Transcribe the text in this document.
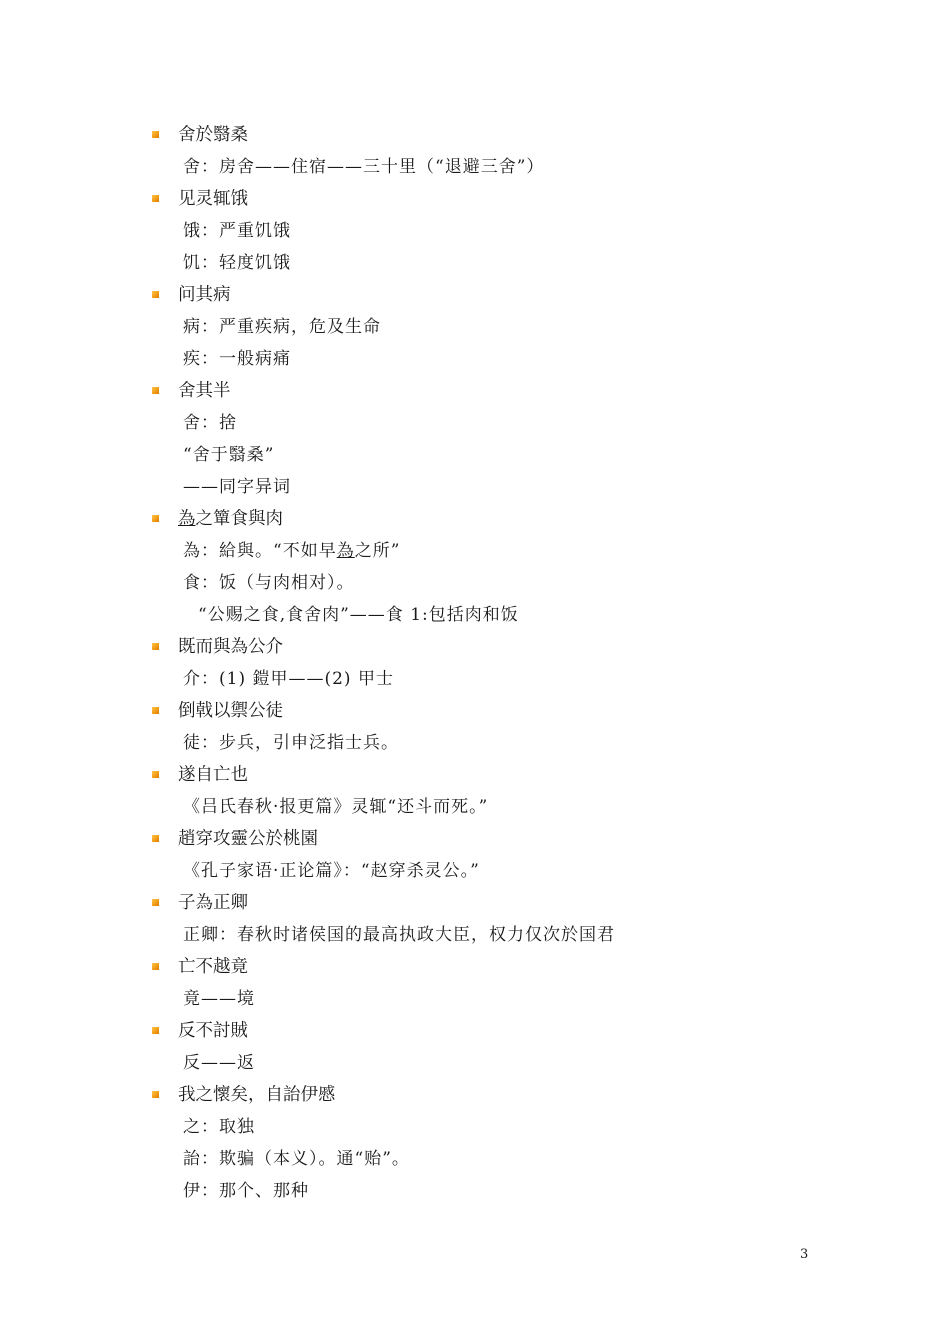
舍於翳桑
舍：房舍——住宿——三十里（“退避三舍”）
见灵辄饿
饿：严重饥饿
饥：轻度饥饿
问其病
病：严重疾病，危及生命
疾：一般病痛
舍其半
舍：捨
“舍于翳桑”
——同字异词
為之簞食與肉
為：給與。“不如早為之所”
食：饭（与肉相对）。
“公赐之食,食舍肉”——食 1:包括肉和饭
既而與為公介
介：(1) 鎧甲——(2) 甲士
倒戟以禦公徒
徒：步兵，引申泛指士兵。
遂自亡也
《吕氏春秋·报更篇》灵辄“还斗而死。”
趙穿攻靈公於桃園
《孔子家语·正论篇》：“赵穿杀灵公。”
子為正卿
正卿：春秋时诸侯国的最高执政大臣，权力仅次於国君
亡不越竟
竟——境
反不討賊
反——返
我之懷矣，自詒伊慼
之：取独
詒：欺骗（本义）。通“贻”。
伊：那个、那种
3
